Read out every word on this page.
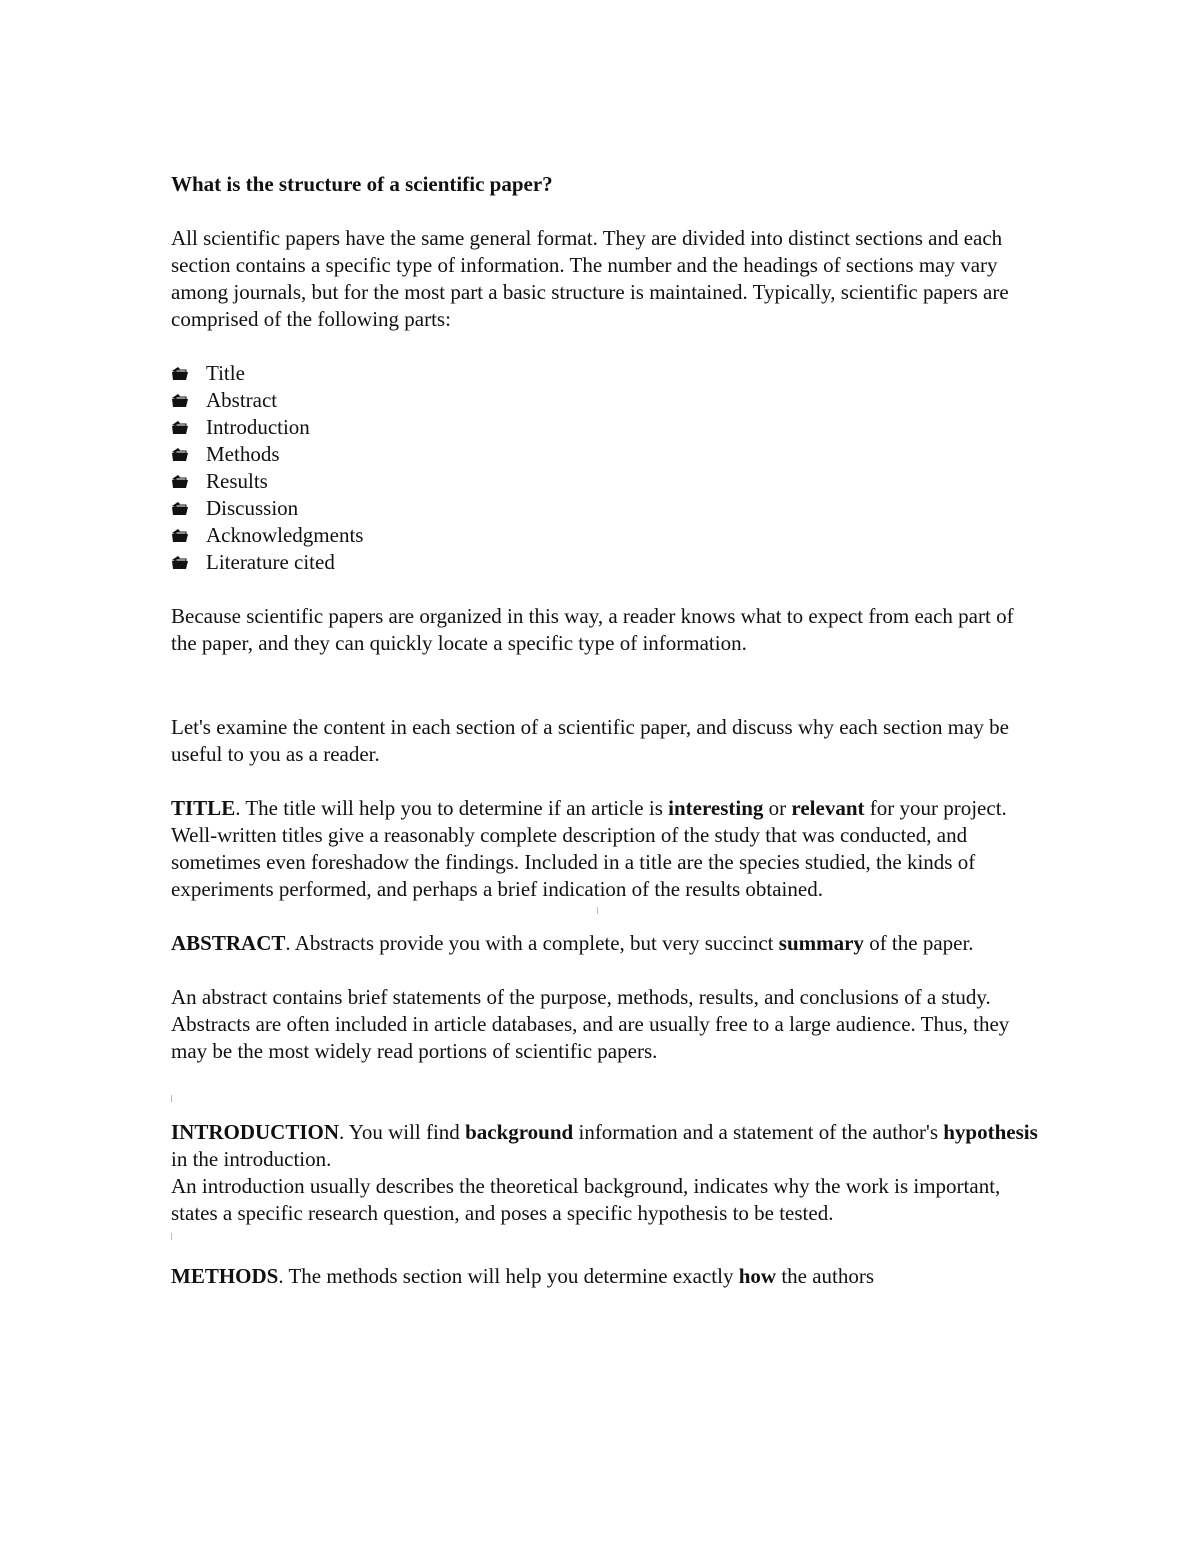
What is the structure of a scientific paper?

All scientific papers have the same general format. They are divided into distinct sections and each section contains a specific type of information. The number and the headings of sections may vary among journals, but for the most part a basic structure is maintained. Typically, scientific papers are comprised of the following parts:

Title
Abstract
Introduction
Methods
Results
Discussion
Acknowledgments
Literature cited

Because scientific papers are organized in this way, a reader knows what to expect from each part of the paper, and they can quickly locate a specific type of information.

Let's examine the content in each section of a scientific paper, and discuss why each section may be useful to you as a reader.

TITLE. The title will help you to determine if an article is interesting or relevant for your project.

Well-written titles give a reasonably complete description of the study that was conducted, and sometimes even foreshadow the findings. Included in a title are the species studied, the kinds of experiments performed, and perhaps a brief indication of the results obtained.

ABSTRACT. Abstracts provide you with a complete, but very succinct summary of the paper.

An abstract contains brief statements of the purpose, methods, results, and conclusions of a study. Abstracts are often included in article databases, and are usually free to a large audience. Thus, they may be the most widely read portions of scientific papers.

INTRODUCTION. You will find background information and a statement of the author's hypothesis in the introduction.

An introduction usually describes the theoretical background, indicates why the work is important, states a specific research question, and poses a specific hypothesis to be tested.

METHODS. The methods section will help you determine exactly how the authors
